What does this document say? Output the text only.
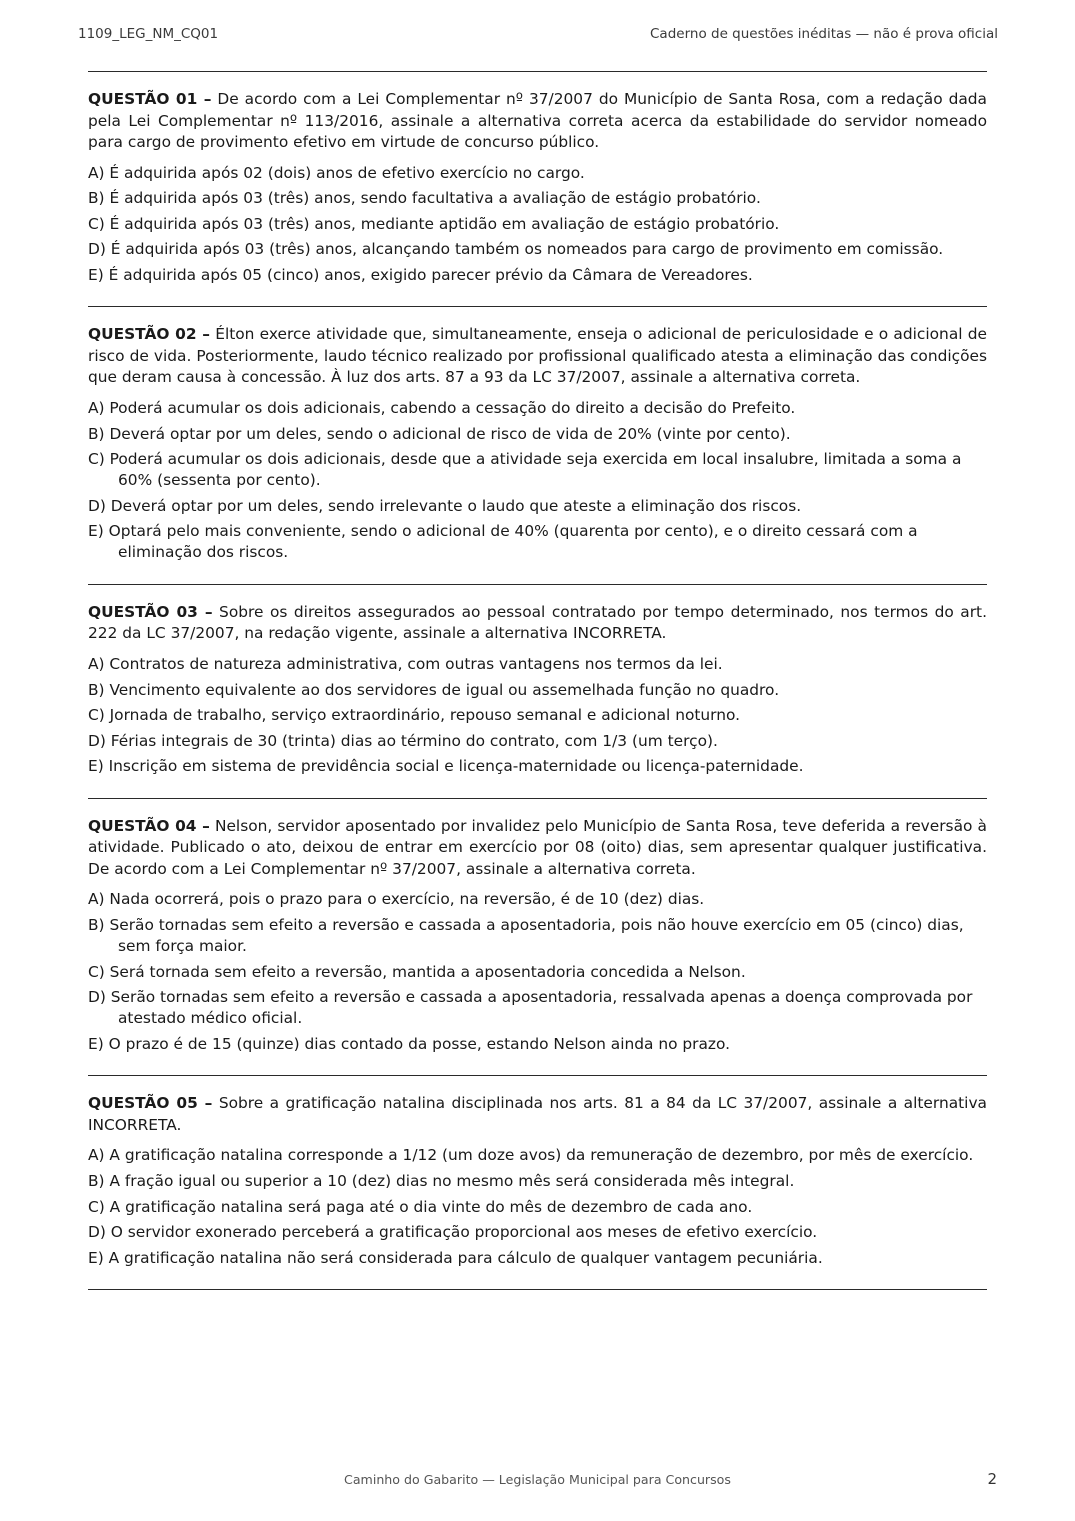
1109_LEG_NM_CQ01	Caderno de questões inéditas — não é prova oficial

QUESTÃO 01 – De acordo com a Lei Complementar nº 37/2007 do Município de Santa Rosa, com a redação dada pela Lei Complementar nº 113/2016, assinale a alternativa correta acerca da estabilidade do servidor nomeado para cargo de provimento efetivo em virtude de concurso público.

A) É adquirida após 02 (dois) anos de efetivo exercício no cargo.
B) É adquirida após 03 (três) anos, sendo facultativa a avaliação de estágio probatório.
C) É adquirida após 03 (três) anos, mediante aptidão em avaliação de estágio probatório.
D) É adquirida após 03 (três) anos, alcançando também os nomeados para cargo de provimento em comissão.
E) É adquirida após 05 (cinco) anos, exigido parecer prévio da Câmara de Vereadores.

QUESTÃO 02 – Élton exerce atividade que, simultaneamente, enseja o adicional de periculosidade e o adicional de risco de vida. Posteriormente, laudo técnico realizado por profissional qualificado atesta a eliminação das condições que deram causa à concessão. À luz dos arts. 87 a 93 da LC 37/2007, assinale a alternativa correta.

A) Poderá acumular os dois adicionais, cabendo a cessação do direito a decisão do Prefeito.
B) Deverá optar por um deles, sendo o adicional de risco de vida de 20% (vinte por cento).
C) Poderá acumular os dois adicionais, desde que a atividade seja exercida em local insalubre, limitada a soma a 60% (sessenta por cento).
D) Deverá optar por um deles, sendo irrelevante o laudo que ateste a eliminação dos riscos.
E) Optará pelo mais conveniente, sendo o adicional de 40% (quarenta por cento), e o direito cessará com a eliminação dos riscos.

QUESTÃO 03 – Sobre os direitos assegurados ao pessoal contratado por tempo determinado, nos termos do art. 222 da LC 37/2007, na redação vigente, assinale a alternativa INCORRETA.

A) Contratos de natureza administrativa, com outras vantagens nos termos da lei.
B) Vencimento equivalente ao dos servidores de igual ou assemelhada função no quadro.
C) Jornada de trabalho, serviço extraordinário, repouso semanal e adicional noturno.
D) Férias integrais de 30 (trinta) dias ao término do contrato, com 1/3 (um terço).
E) Inscrição em sistema de previdência social e licença-maternidade ou licença-paternidade.

QUESTÃO 04 – Nelson, servidor aposentado por invalidez pelo Município de Santa Rosa, teve deferida a reversão à atividade. Publicado o ato, deixou de entrar em exercício por 08 (oito) dias, sem apresentar qualquer justificativa. De acordo com a Lei Complementar nº 37/2007, assinale a alternativa correta.

A) Nada ocorrerá, pois o prazo para o exercício, na reversão, é de 10 (dez) dias.
B) Serão tornadas sem efeito a reversão e cassada a aposentadoria, pois não houve exercício em 05 (cinco) dias, sem força maior.
C) Será tornada sem efeito a reversão, mantida a aposentadoria concedida a Nelson.
D) Serão tornadas sem efeito a reversão e cassada a aposentadoria, ressalvada apenas a doença comprovada por atestado médico oficial.
E) O prazo é de 15 (quinze) dias contado da posse, estando Nelson ainda no prazo.

QUESTÃO 05 – Sobre a gratificação natalina disciplinada nos arts. 81 a 84 da LC 37/2007, assinale a alternativa INCORRETA.

A) A gratificação natalina corresponde a 1/12 (um doze avos) da remuneração de dezembro, por mês de exercício.
B) A fração igual ou superior a 10 (dez) dias no mesmo mês será considerada mês integral.
C) A gratificação natalina será paga até o dia vinte do mês de dezembro de cada ano.
D) O servidor exonerado perceberá a gratificação proporcional aos meses de efetivo exercício.
E) A gratificação natalina não será considerada para cálculo de qualquer vantagem pecuniária.
Caminho do Gabarito — Legislação Municipal para Concursos	2
